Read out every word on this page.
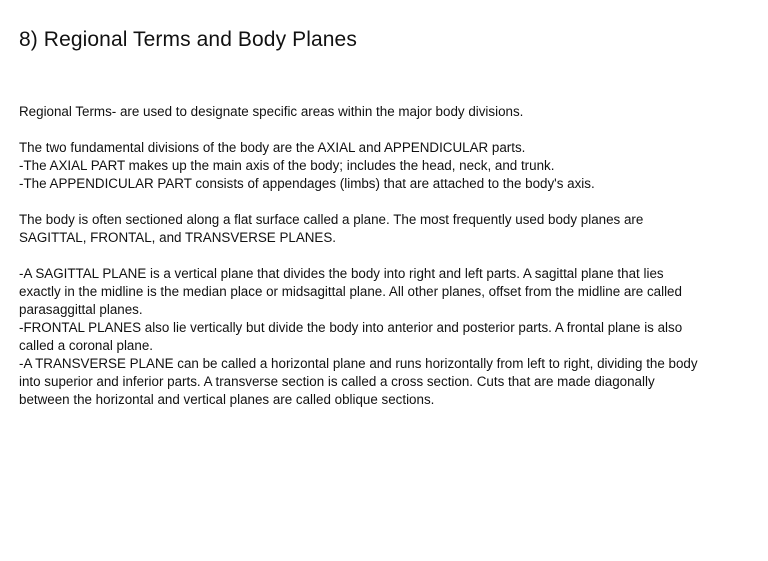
8) Regional Terms and Body Planes

Regional Terms- are used to designate specific areas within the major body divisions.

The two fundamental divisions of the body are the AXIAL and APPENDICULAR parts.
-The AXIAL PART makes up the main axis of the body; includes the head, neck, and trunk.
-The APPENDICULAR PART consists of appendages (limbs) that are attached to the body's axis.

The body is often sectioned along a flat surface called a plane. The most frequently used body planes are
SAGITTAL, FRONTAL, and TRANSVERSE PLANES.

-A SAGITTAL PLANE is a vertical plane that divides the body into right and left parts. A sagittal plane that lies
exactly in the midline is the median place or midsagittal plane. All other planes, offset from the midline are called
parasaggittal planes.
-FRONTAL PLANES also lie vertically but divide the body into anterior and posterior parts. A frontal plane is also
called a coronal plane.
-A TRANSVERSE PLANE can be called a horizontal plane and runs horizontally from left to right, dividing the body
into superior and inferior parts. A transverse section is called a cross section. Cuts that are made diagonally
between the horizontal and vertical planes are called oblique sections.
